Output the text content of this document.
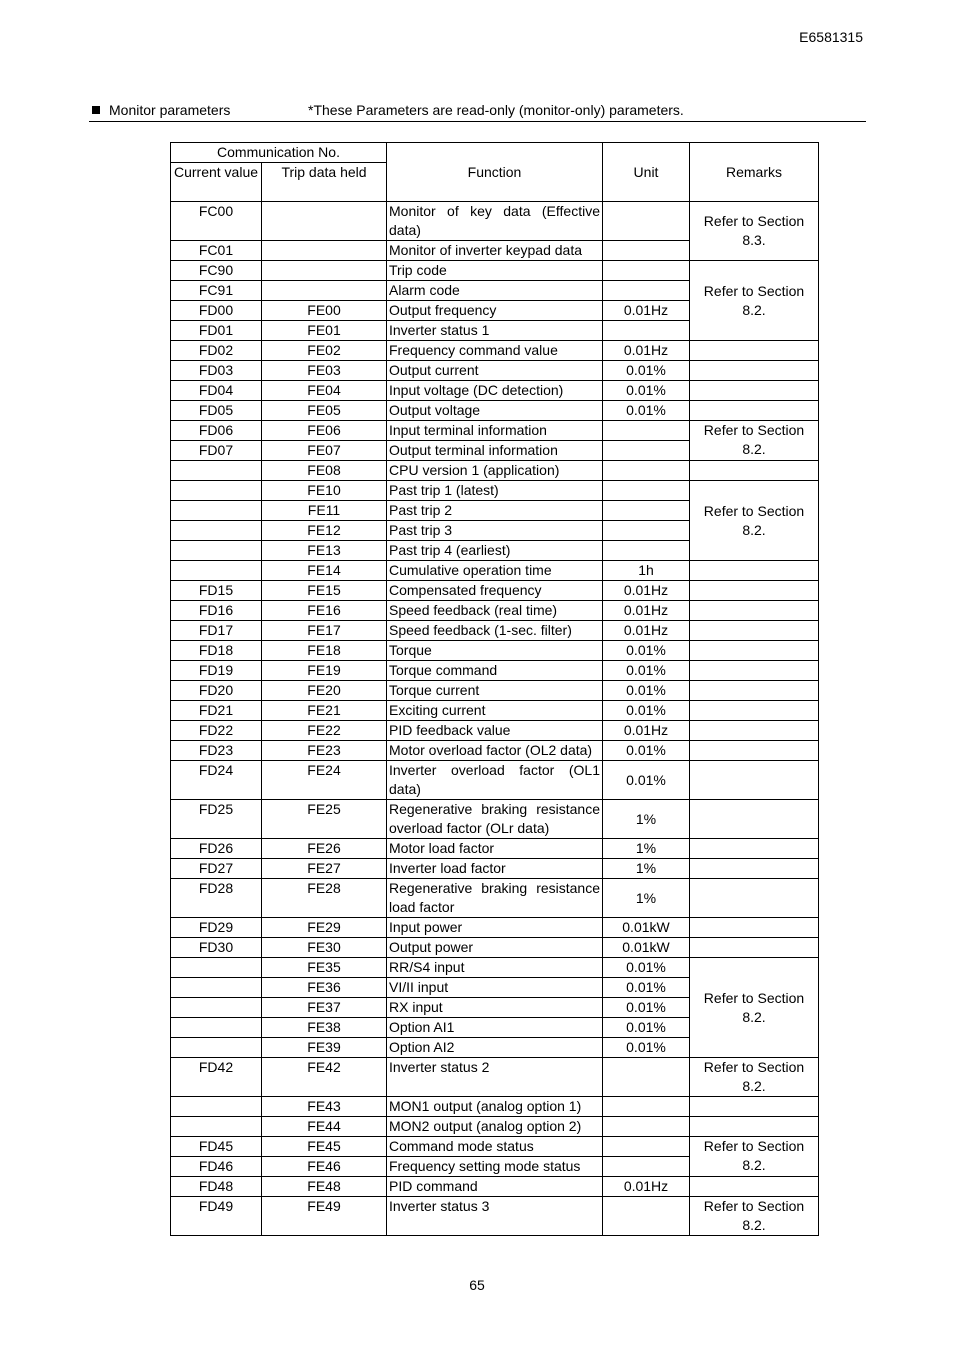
E6581315
Monitor parameters	*These Parameters are read-only (monitor-only) parameters.
Communication No.		Function	Unit	Remarks
Current value	Trip data held			
FC00		Monitor of key data (Effective data)		Refer to Section 8.3.
FC01		Monitor of inverter keypad data		
FC90		Trip code		Refer to Section 8.2.
FC91		Alarm code		
FD00	FE00	Output frequency	0.01Hz	
FD01	FE01	Inverter status 1		
FD02	FE02	Frequency command value	0.01Hz	
FD03	FE03	Output current	0.01%	
FD04	FE04	Input voltage (DC detection)	0.01%	
FD05	FE05	Output voltage	0.01%	
FD06	FE06	Input terminal information		Refer to Section 8.2.
FD07	FE07	Output terminal information		
	FE08	CPU version 1 (application)		
	FE10	Past trip 1 (latest)		Refer to Section 8.2.
	FE11	Past trip 2		
	FE12	Past trip 3		
	FE13	Past trip 4 (earliest)		
	FE14	Cumulative operation time	1h	
FD15	FE15	Compensated frequency	0.01Hz	
FD16	FE16	Speed feedback (real time)	0.01Hz	
FD17	FE17	Speed feedback (1-sec. filter)	0.01Hz	
FD18	FE18	Torque	0.01%	
FD19	FE19	Torque command	0.01%	
FD20	FE20	Torque current	0.01%	
FD21	FE21	Exciting current	0.01%	
FD22	FE22	PID feedback value	0.01Hz	
FD23	FE23	Motor overload factor (OL2 data)	0.01%	
FD24	FE24	Inverter overload factor (OL1 data)	0.01%	
FD25	FE25	Regenerative braking resistance overload factor (OLr data)	1%	
FD26	FE26	Motor load factor	1%	
FD27	FE27	Inverter load factor	1%	
FD28	FE28	Regenerative braking resistance load factor	1%	
FD29	FE29	Input power	0.01kW	
FD30	FE30	Output power	0.01kW	
	FE35	RR/S4 input	0.01%	Refer to Section 8.2.
	FE36	VI/II input	0.01%	
	FE37	RX input	0.01%	
	FE38	Option AI1	0.01%	
	FE39	Option AI2	0.01%	
FD42	FE42	Inverter status 2		Refer to Section 8.2.
	FE43	MON1 output (analog option 1)		
	FE44	MON2 output (analog option 2)		
FD45	FE45	Command mode status		Refer to Section 8.2.
FD46	FE46	Frequency setting mode status		
FD48	FE48	PID command	0.01Hz	
FD49	FE49	Inverter status 3		Refer to Section 8.2.
65
